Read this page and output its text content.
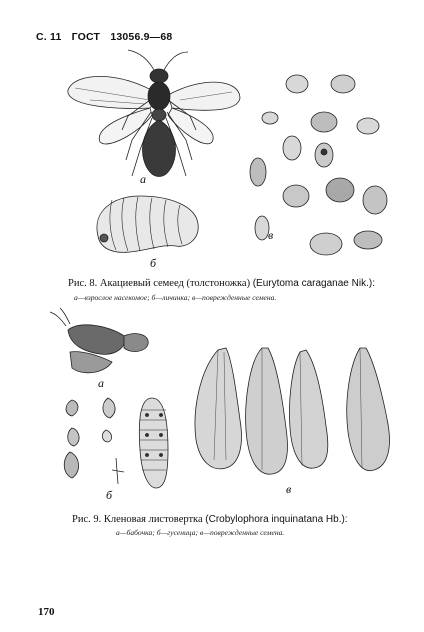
С. 11 ГОСТ 13056.9—68
а
б
в
Рис. 8. Акациевый семеед (толстоножка) (Eurytoma caraganae Nik.):
а—взрослое насекомое; б—личинка; в—поврежденные семена.
а
б	в
Рис. 9. Кленовая листовертка (Crobylophora inquinatana Hb.):
а—бабочка; б—гусеница; в—поврежденные семена.
170
